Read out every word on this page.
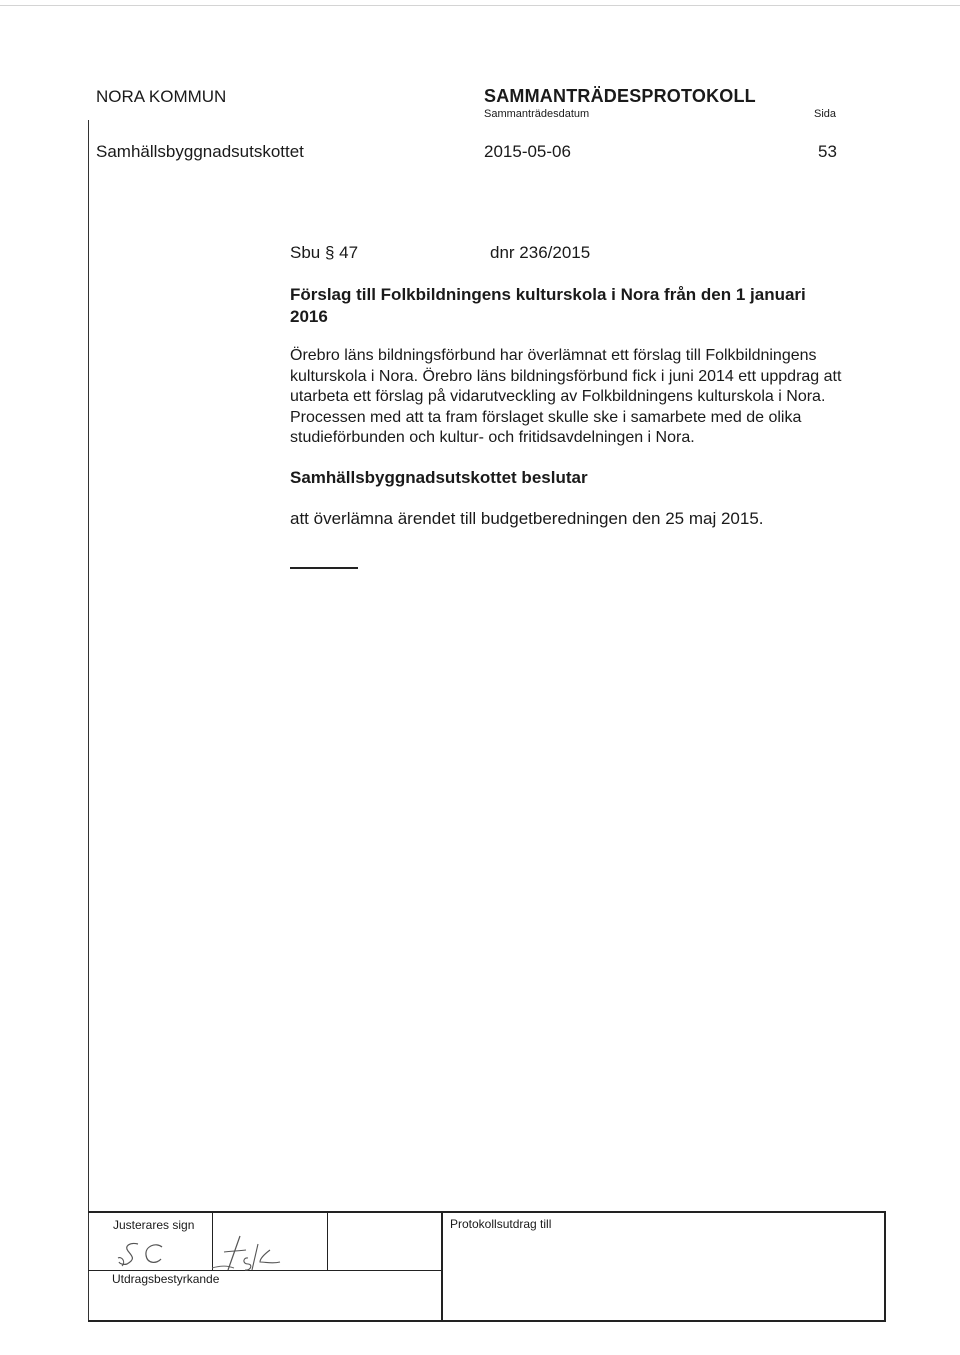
NORA KOMMUN	SAMMANTRÄDESPROTOKOLL
Sammanträdesdatum	Sida
Samhällsbyggnadsutskottet	2015-05-06	53
Sbu § 47	dnr 236/2015
Förslag till Folkbildningens kulturskola i Nora från den 1 januari 2016
Örebro läns bildningsförbund har överlämnat ett förslag till Folkbildningens kulturskola i Nora. Örebro läns bildningsförbund fick i juni 2014 ett uppdrag att utarbeta ett förslag på vidarutveckling av Folkbildningens kulturskola i Nora. Processen med att ta fram förslaget skulle ske i samarbete med de olika studieförbunden och kultur- och fritidsavdelningen i Nora.
Samhällsbyggnadsutskottet beslutar
att överlämna ärendet till budgetberedningen den 25 maj 2015.
Justerares sign
Utdragsbestyrkande
Protokollsutdrag till
